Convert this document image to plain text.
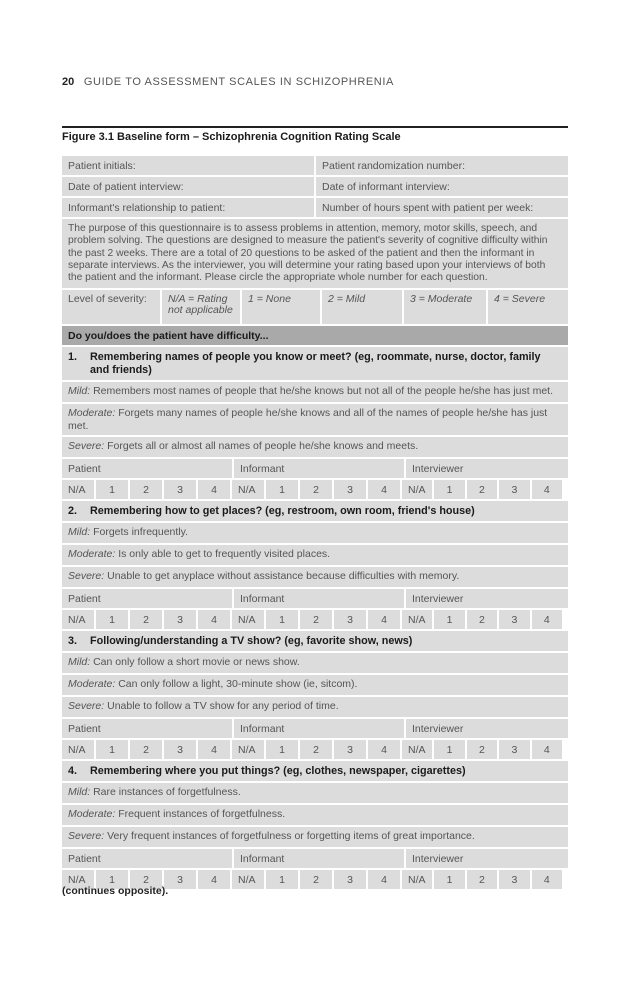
20 GUIDE TO ASSESSMENT SCALES IN SCHIZOPHRENIA
Figure 3.1 Baseline form – Schizophrenia Cognition Rating Scale
Patient initials:	Patient randomization number:
Date of patient interview:	Date of informant interview:
Informant's relationship to patient:	Number of hours spent with patient per week:
The purpose of this questionnaire is to assess problems in attention, memory, motor skills, speech, and problem solving. The questions are designed to measure the patient's severity of cognitive difficulty within the past 2 weeks. There are a total of 20 questions to be asked of the patient and then the informant in separate interviews. As the interviewer, you will determine your rating based upon your interviews of both the patient and the informant. Please circle the appropriate whole number for each question.
Level of severity:	N/A = Rating not applicable
1 = None	2 = Mild	3 = Moderate	4 = Severe
Do you/does the patient have difficulty...
1.	Remembering names of people you know or meet? (eg, roommate, nurse, doctor, family and friends)
Mild: Remembers most names of people that he/she knows but not all of the people he/she has just met.
Moderate: Forgets many names of people he/she knows and all of the names of people he/she has just met.
Severe: Forgets all or almost all names of people he/she knows and meets.
Patient	Informant	Interviewer
N/A	1	2	3	4	N/A	1	2	3	4	N/A	1	2	3	4
2.	Remembering how to get places? (eg, restroom, own room, friend's house)
Mild: Forgets infrequently.
Moderate: Is only able to get to frequently visited places.
Severe: Unable to get anyplace without assistance because difficulties with memory.
Patient	Informant	Interviewer
N/A	1	2	3	4	N/A	1	2	3	4	N/A	1	2	3	4
3.	Following/understanding a TV show? (eg, favorite show, news)
Mild: Can only follow a short movie or news show.
Moderate: Can only follow a light, 30-minute show (ie, sitcom).
Severe: Unable to follow a TV show for any period of time.
Patient	Informant	Interviewer
N/A	1	2	3	4	N/A	1	2	3	4	N/A	1	2	3	4
4.	Remembering where you put things? (eg, clothes, newspaper, cigarettes)
Mild: Rare instances of forgetfulness.
Moderate: Frequent instances of forgetfulness.
Severe: Very frequent instances of forgetfulness or forgetting items of great importance.
Patient	Informant	Interviewer
N/A	1	2	3	4	N/A	1	2	3	4	N/A	1	2	3	4
(continues opposite).
